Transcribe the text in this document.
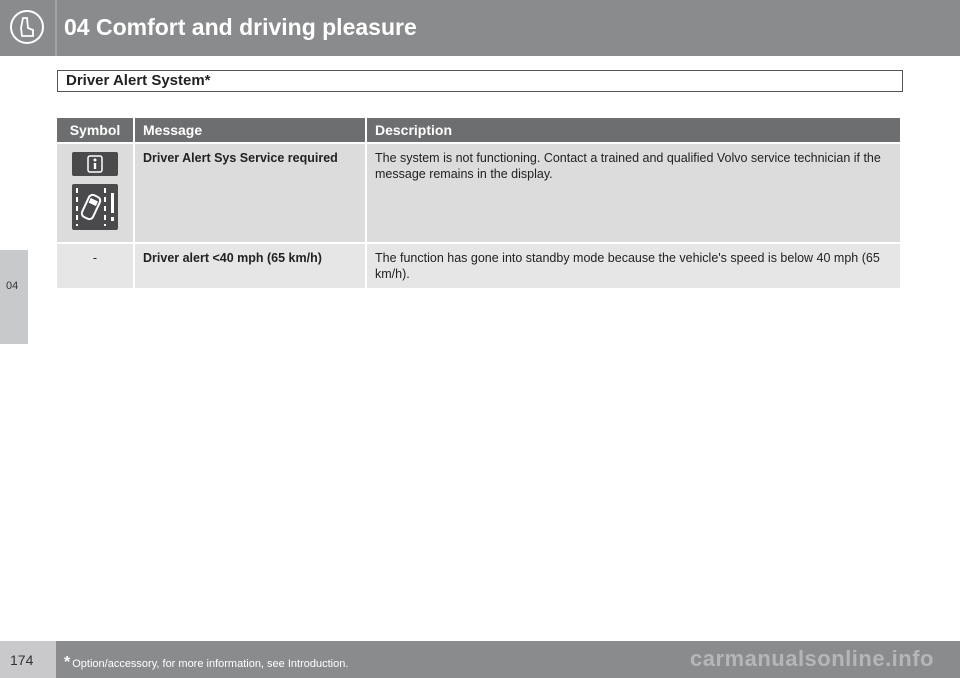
04 Comfort and driving pleasure
Driver Alert System*
04
Symbol	Message	Description

	Driver Alert Sys Service required	The system is not functioning. Contact a trained and qualified Volvo service technician if the message remains in the display.
-	Driver alert <40 mph (65 km/h)	The function has gone into standby mode because the vehicle's speed is below 40 mph (65 km/h).
174 * Option/accessory, for more information, see Introduction.	carmanualsonline.info
